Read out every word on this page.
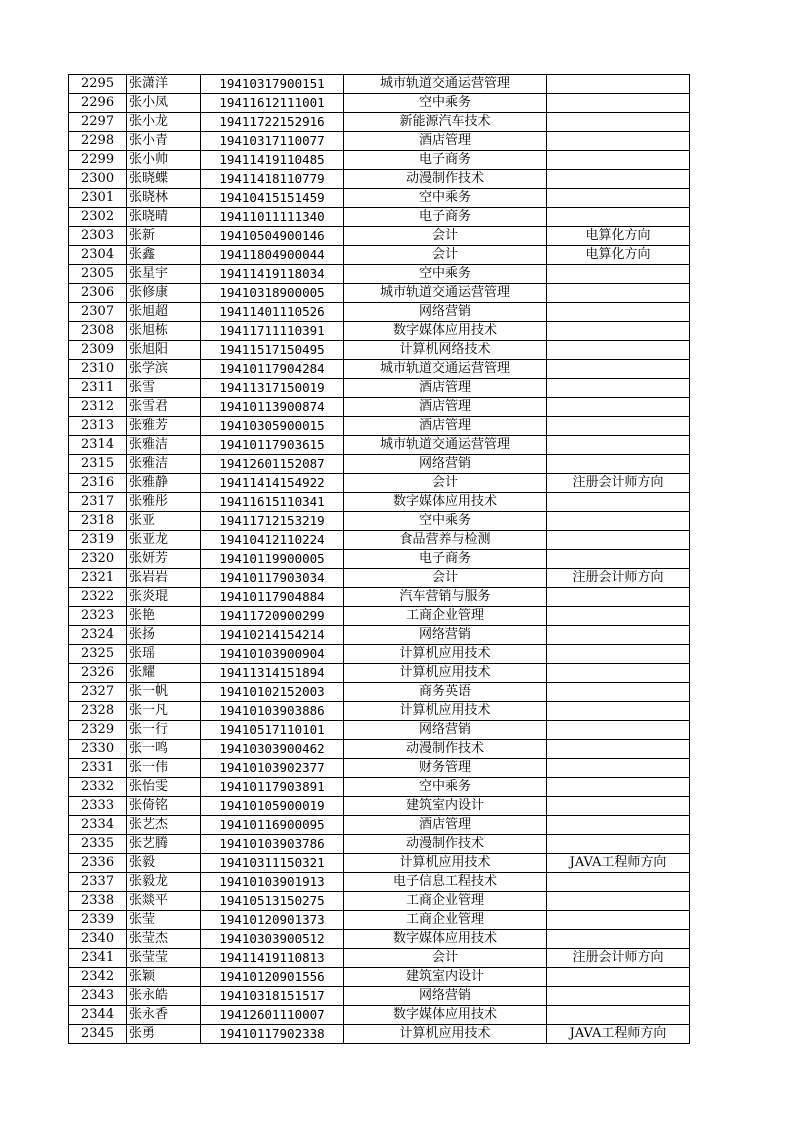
2295	张潇洋	19410317900151	城市轨道交通运营管理	
2296	张小凤	19411612111001	空中乘务	
2297	张小龙	19411722152916	新能源汽车技术	
2298	张小青	19410317110077	酒店管理	
2299	张小帅	19411419110485	电子商务	
2300	张晓蝶	19411418110779	动漫制作技术	
2301	张晓林	19410415151459	空中乘务	
2302	张晓晴	19411011111340	电子商务	
2303	张新	19410504900146	会计	电算化方向
2304	张鑫	19411804900044	会计	电算化方向
2305	张星宇	19411419118034	空中乘务	
2306	张修康	19410318900005	城市轨道交通运营管理	
2307	张旭超	19411401110526	网络营销	
2308	张旭栋	19411711110391	数字媒体应用技术	
2309	张旭阳	19411517150495	计算机网络技术	
2310	张学滨	19410117904284	城市轨道交通运营管理	
2311	张雪	19411317150019	酒店管理	
2312	张雪君	19410113900874	酒店管理	
2313	张雅芳	19410305900015	酒店管理	
2314	张雅洁	19410117903615	城市轨道交通运营管理	
2315	张雅洁	19412601152087	网络营销	
2316	张雅静	19411414154922	会计	注册会计师方向
2317	张雅彤	19411615110341	数字媒体应用技术	
2318	张亚	19411712153219	空中乘务	
2319	张亚龙	19410412110224	食品营养与检测	
2320	张妍芳	19410119900005	电子商务	
2321	张岩岩	19410117903034	会计	注册会计师方向
2322	张炎琨	19410117904884	汽车营销与服务	
2323	张艳	19411720900299	工商企业管理	
2324	张扬	19410214154214	网络营销	
2325	张瑶	19410103900904	计算机应用技术	
2326	张耀	19411314151894	计算机应用技术	
2327	张一帆	19410102152003	商务英语	
2328	张一凡	19410103903886	计算机应用技术	
2329	张一行	19410517110101	网络营销	
2330	张一鸣	19410303900462	动漫制作技术	
2331	张一伟	19410103902377	财务管理	
2332	张怡雯	19410117903891	空中乘务	
2333	张倚铭	19410105900019	建筑室内设计	
2334	张艺杰	19410116900095	酒店管理	
2335	张艺腾	19410103903786	动漫制作技术	
2336	张毅	19410311150321	计算机应用技术	JAVA工程师方向
2337	张毅龙	19410103901913	电子信息工程技术	
2338	张燚平	19410513150275	工商企业管理	
2339	张莹	19410120901373	工商企业管理	
2340	张莹杰	19410303900512	数字媒体应用技术	
2341	张莹莹	19411419110813	会计	注册会计师方向
2342	张颖	19410120901556	建筑室内设计	
2343	张永皓	19410318151517	网络营销	
2344	张永香	19412601110007	数字媒体应用技术	
2345	张勇	19410117902338	计算机应用技术	JAVA工程师方向
